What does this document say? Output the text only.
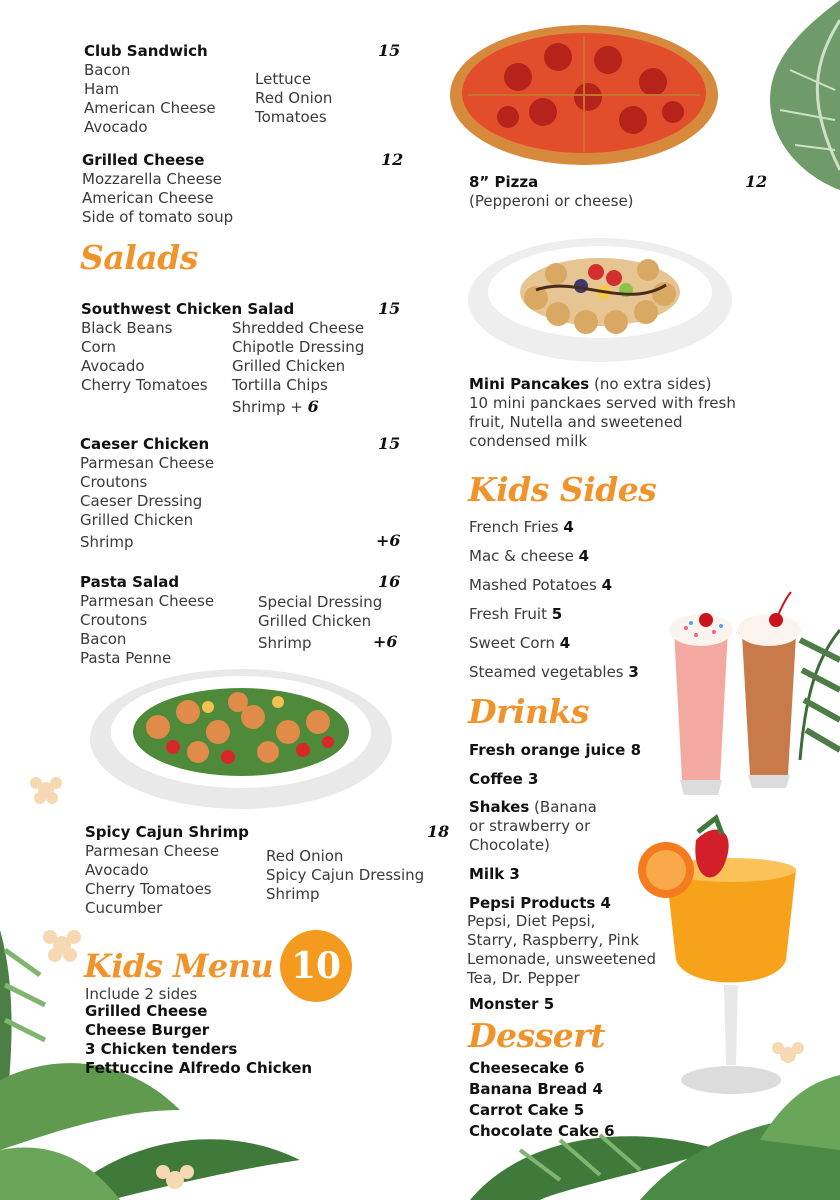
Club Sandwich	15
Bacon
Ham
American Cheese
Avocado
Lettuce
Red Onion
Tomatoes
Grilled Cheese	12
Mozzarella Cheese
American Cheese
Side of tomato soup
Salads
Southwest Chicken Salad	15
Black Beans
Corn
Avocado
Cherry Tomatoes
Shredded Cheese
Chipotle Dressing
Grilled Chicken
Tortilla Chips
Shrimp + 6
Caeser Chicken	15
Parmesan Cheese
Croutons
Caeser Dressing
Grilled Chicken
Shrimp	+6
Pasta Salad	16
Parmesan Cheese
Croutons
Bacon
Pasta Penne
Special Dressing
Grilled Chicken
Shrimp	+6
Spicy Cajun Shrimp	18
Parmesan Cheese
Avocado
Cherry Tomatoes
Cucumber
Red Onion
Spicy Cajun Dressing
Shrimp
Kids Menu 10
Include 2 sides
Grilled Cheese
Cheese Burger
3 Chicken tenders
Fettuccine Alfredo Chicken
8” Pizza	12
(Pepperoni or cheese)
Mini Pancakes (no extra sides)
10 mini panckaes served with fresh
fruit, Nutella and sweetened
condensed milk
Kids Sides
French Fries 4
Mac & cheese 4
Mashed Potatoes 4
Fresh Fruit 5
Sweet Corn 4
Steamed vegetables 3
Drinks
Fresh orange juice 8
Coffee 3
Shakes (Banana
or strawberry or
Chocolate)
Milk 3
Pepsi Products 4
Pepsi, Diet Pepsi,
Starry, Raspberry, Pink
Lemonade, unsweetened
Tea, Dr. Pepper
Monster 5
Dessert
Cheesecake 6
Banana Bread 4
Carrot Cake 5
Chocolate Cake 6
